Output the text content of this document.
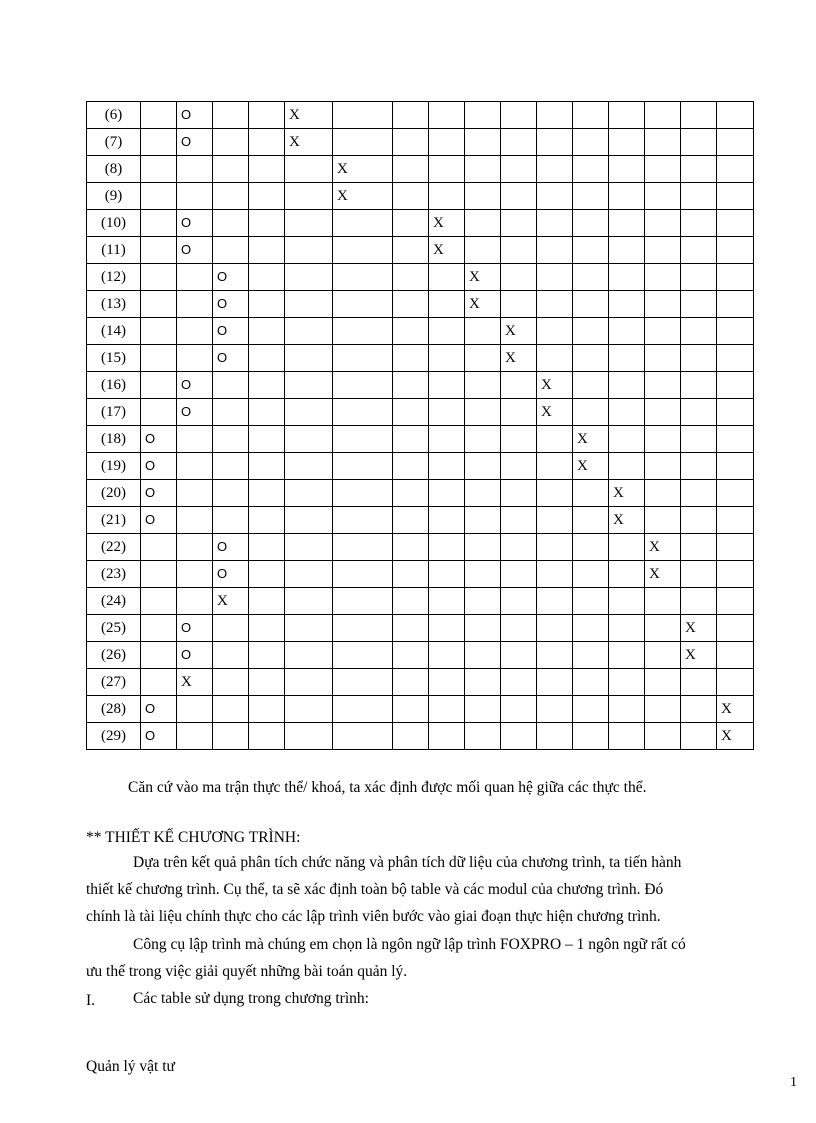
(6)		O			X											
(7)		O			X											
(8)						X										
(9)						X										
(10)		O						X								
(11)		O						X								
(12)			O						X							
(13)			O						X							
(14)			O							X						
(15)			O							X						
(16)		O									X					
(17)		O									X					
(18)	O											X				
(19)	O											X				
(20)	O												X			
(21)	O												X			
(22)			O											X		
(23)			O											X		
(24)			X													
(25)		O													X	
(26)		O													X	
(27)		X														
(28)	O															X
(29)	O															X
Căn cứ vào ma trận thực thể/ khoá, ta xác định được mối quan hệ giữa các thực thể.
** THIẾT KẾ CHƯƠNG TRÌNH:
Dựa trên kết quả phân tích chức năng và phân tích dữ liệu của chương trình, ta tiến hành
thiết kế chương trình. Cụ thể, ta sẽ xác định toàn bộ table và các modul của chương trình. Đó
chính là tài liệu chính thực cho các lập trình viên bước vào giai đoạn thực hiện chương trình.
Công cụ lập trình mà chúng em chọn là ngôn ngữ lập trình FOXPRO – 1 ngôn ngữ rất có
ưu thế trong việc giải quyết những bài toán quản lý.
I. Các table sử dụng trong chương trình:
Quản lý vật tư
1
